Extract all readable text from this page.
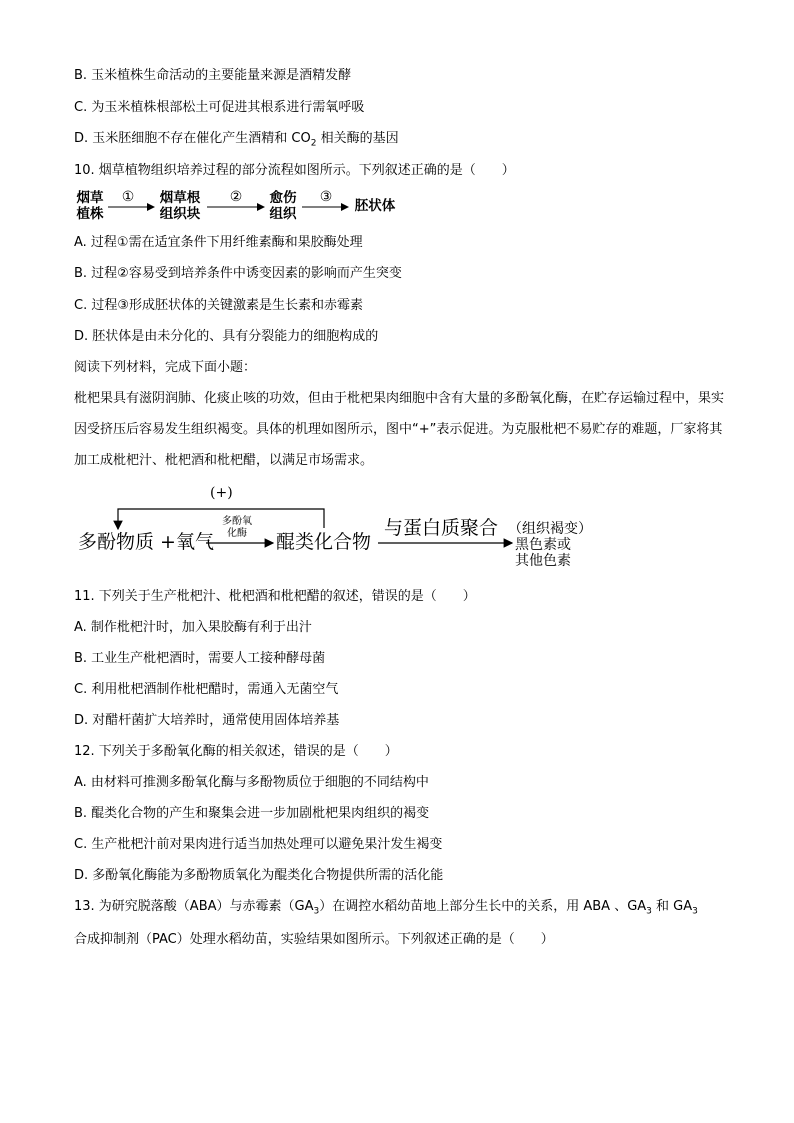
B. 玉米植株生命活动的主要能量来源是酒精发酵
C. 为玉米植株根部松土可促进其根系进行需氧呼吸
D. 玉米胚细胞不存在催化产生酒精和 $CO_2$ 相关酶的基因
10. 烟草植物组织培养过程的部分流程如图所示。下列叙述正确的是（　　）
烟草
植株
①	烟草根
组织块
②	愈伤
组织
③
胚状体
A. 过程①需在适宜条件下用纤维素酶和果胶酶处理
B. 过程②容易受到培养条件中诱变因素的影响而产生突变
C. 过程③形成胚状体的关键激素是生长素和赤霉素
D. 胚状体是由未分化的、具有分裂能力的细胞构成的
阅读下列材料，完成下面小题：
枇杷果具有滋阴润肺、化痰止咳的功效，但由于枇杷果肉细胞中含有大量的多酚氧化酶，在贮存运输过程中，果实因受挤压后容易发生组织褐变。具体的机理如图所示，图中“+”表示促进。为克服枇杷不易贮存的难题，厂家将其加工成枇杷汁、枇杷酒和枇杷醋，以满足市场需求。
(+)
多酚物质 +氧气
多酚氧
化酶	醌类化合物
与蛋白质聚合 （组织褐变）
黑色素或
其他色素
11. 下列关于生产枇杷汁、枇杷酒和枇杷醋的叙述，错误的是（　　）
A. 制作枇杷汁时，加入果胶酶有利于出汁
B. 工业生产枇杷酒时，需要人工接种酵母菌
C. 利用枇杷酒制作枇杷醋时，需通入无菌空气
D. 对醋杆菌扩大培养时，通常使用固体培养基
12. 下列关于多酚氧化酶的相关叙述，错误的是（　　）
A. 由材料可推测多酚氧化酶与多酚物质位于细胞的不同结构中
B. 醌类化合物的产生和聚集会进一步加剧枇杷果肉组织的褐变
C. 生产枇杷汁前对果肉进行适当加热处理可以避免果汁发生褐变
D. 多酚氧化酶能为多酚物质氧化为醌类化合物提供所需的活化能
13. 为研究脱落酸（ABA）与赤霉素$(GA_3)$在调控水稻幼苗地上部分生长中的关系，用 ABA 、$GA_3$ 和 $GA_3$
合成抑制剂（PAC）处理水稻幼苗，实验结果如图所示。下列叙述正确的是（　　）
